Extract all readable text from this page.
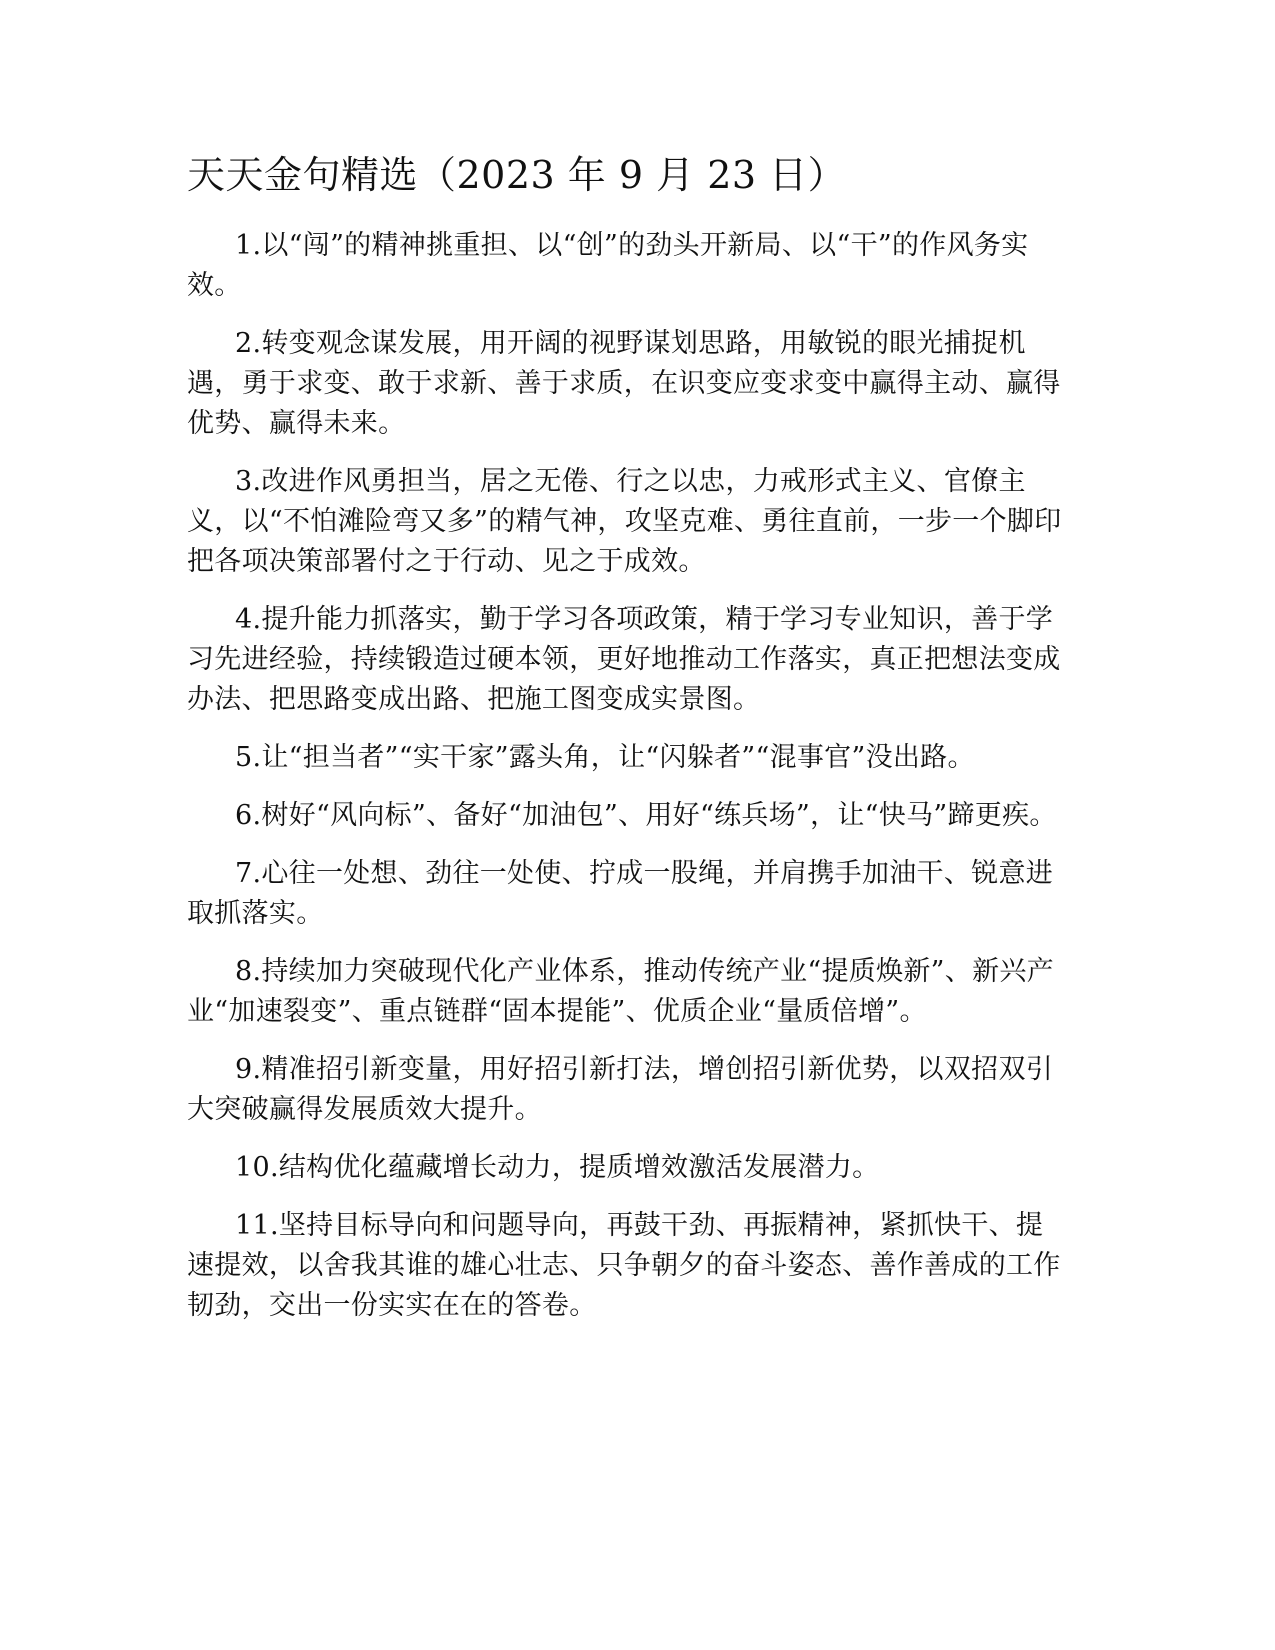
天天金句精选（2023 年 9 月 23 日）

1.以“闯”的精神挑重担、以“创”的劲头开新局、以“干”的作风务实效。

2.转变观念谋发展，用开阔的视野谋划思路，用敏锐的眼光捕捉机遇，勇于求变、敢于求新、善于求质，在识变应变求变中赢得主动、赢得优势、赢得未来。

3.改进作风勇担当，居之无倦、行之以忠，力戒形式主义、官僚主义，以“不怕滩险弯又多”的精气神，攻坚克难、勇往直前，一步一个脚印把各项决策部署付之于行动、见之于成效。

4.提升能力抓落实，勤于学习各项政策，精于学习专业知识，善于学习先进经验，持续锻造过硬本领，更好地推动工作落实，真正把想法变成办法、把思路变成出路、把施工图变成实景图。

5.让“担当者”“实干家”露头角，让“闪躲者”“混事官”没出路。

6.树好“风向标”、备好“加油包”、用好“练兵场”，让“快马”蹄更疾。

7.心往一处想、劲往一处使、拧成一股绳，并肩携手加油干、锐意进取抓落实。

8.持续加力突破现代化产业体系，推动传统产业“提质焕新”、新兴产业“加速裂变”、重点链群“固本提能”、优质企业“量质倍增”。

9.精准招引新变量，用好招引新打法，增创招引新优势，以双招双引大突破赢得发展质效大提升。

10.结构优化蕴藏增长动力，提质增效激活发展潜力。

11.坚持目标导向和问题导向，再鼓干劲、再振精神，紧抓快干、提速提效，以舍我其谁的雄心壮志、只争朝夕的奋斗姿态、善作善成的工作韧劲，交出一份实实在在的答卷。
